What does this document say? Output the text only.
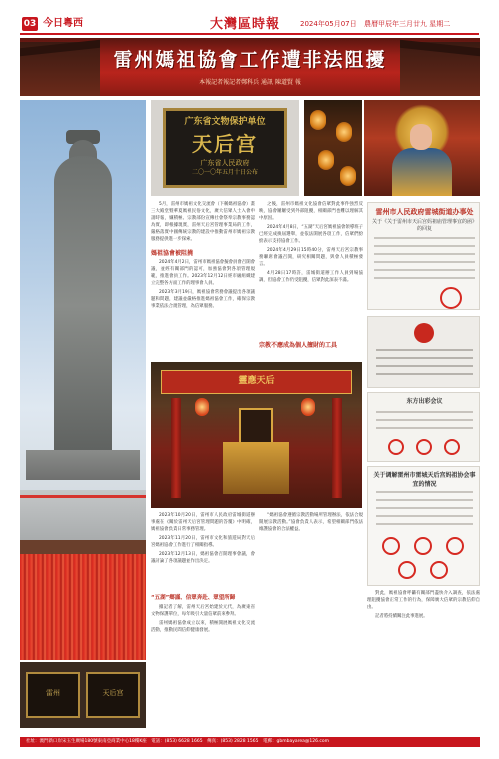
03 今日粵西	大灣區時報	2024年05月07日 農曆甲辰年三月廿九 星期二
雷州媽祖協會工作遭非法阻擾
本報記者報記者鄭科兵 通訊 陳道賢 報
雷州	天后宫
广东省文物保护单位
天后宫
广东省人民政府
二〇一〇年五月十日公布
靈應天后
雷州市人民政府雷城街道办事处
关于《关于雷州市天后宫妈祖庙管理事宜的函》的回复
东方出彩会议
关于调解雷州市雷城天后宫妈祖协会事宜的情况

5月，雷州市媽祖文化交流會（下稱媽祖協會）畫三大殿堂暨華夏媽祖民俗文化，廣大信眾人士入會申請時報，嫌積極、宗教部份宣傳社會祭奉宗教事務認為實，即根據現實，雷州天后宮管理事業局的工作，嚴格落實中國傳統宗教的建設中推動雷州市媽祖宗教服務提供進一步探索。

媽祖協會被阻撓

2024年4月2日，雷州市媽祖協會擬會員會召開會議，並經有關部門的認可，加強協會對各項管理規範，推進會員工作。2023年12月12日經市級組織建立完整各方面工作的理事會人員。

2023年3月19日，媽祖協會常務會議提出各項議題和問題，建議並嚴格推進媽祖協會工作，確保宗教事業依法合規管理，為信眾服務。

之後，雷州市媽祖文化協會信眾對此事件強烈反映，協會屢屢受到外部阻擾，相關部門也難以理解其中原因。

2024年4月8日，“五湖”天后宮媽祖協會領導班子已經完成換屆選舉，並依法開展各項工作，信眾們紛紛表示支持協會工作。

2024年4月29日15時40分，雷州天后宮宗教事務聯席會議召開，研究相關問題，與會人員積極發言。

4月28日17時許，雷城街道辦工作人員到場協調，但協會工作仍受阻擾，信眾對此深表不滿。

宗教不應成為個人擅財的工具

2023年10月20日，雷州市人民政府雷城街道辦事處在《關於雷州天后宮管理問題的答覆》中明確，媽祖協會負責日常事務管理。

2023年11月20日，雷州市文化和旅遊局對天后宮媽祖協會工作進行了相關指導。

2023年12月13日，媽祖協會召開理事會議，會議討論了各項議題並作出決定。

“五湖”鄉謹、信眾奔赴、眾望所歸

據記者了解，雷州天后宮始建於元代，為廣東省文物保護單位，每年吸引大量信眾前來參拜。

雷州媽祖協會成立以來，積極開展媽祖文化交流活動，推動民間信仰健康發展。

“媽祖協會遵循宗教活動場所管理辦法，依法合規開展宗教活動。”協會負責人表示，希望相關部門依法維護協會的合法權益。

對此，媽祖協會呼籲有關部門盡快介入調查，依法處理阻擾協會正常工作的行為，保障廣大信眾的宗教信仰自由。

記者將持續關注此事進展。

社址：澳門新口岸宋玉生廣場180號東南亞商業中心18樓K座　電話：(853) 6628 1665　傳真：(853) 2828 1565　電郵：gbmbayarea@126.com
